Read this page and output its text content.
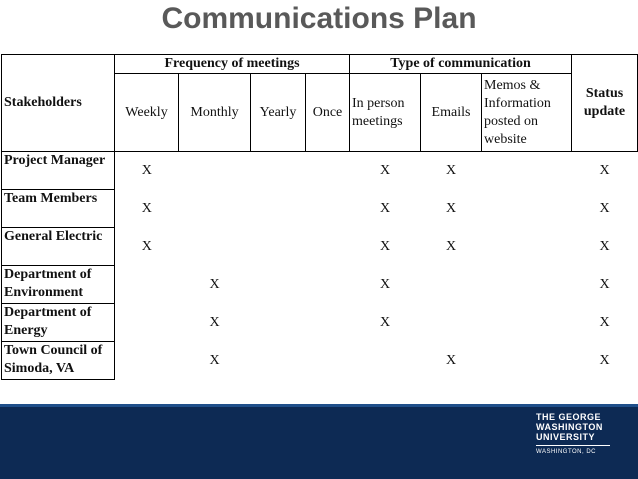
Communications Plan
Stakeholders	Frequency of meetings				Type of communication			Status update
	Weekly	Monthly	Yearly	Once	In person meetings	Emails	Memos & Information posted on website	
Project Manager	X				X	X		X
Team Members	X				X	X		X
General Electric	X				X	X		X
Department of Environment		X			X			X
Department of Energy		X			X			X
Town Council of Simoda, VA		X				X		X
THE GEORGE
WASHINGTON
UNIVERSITY
WASHINGTON, DC
